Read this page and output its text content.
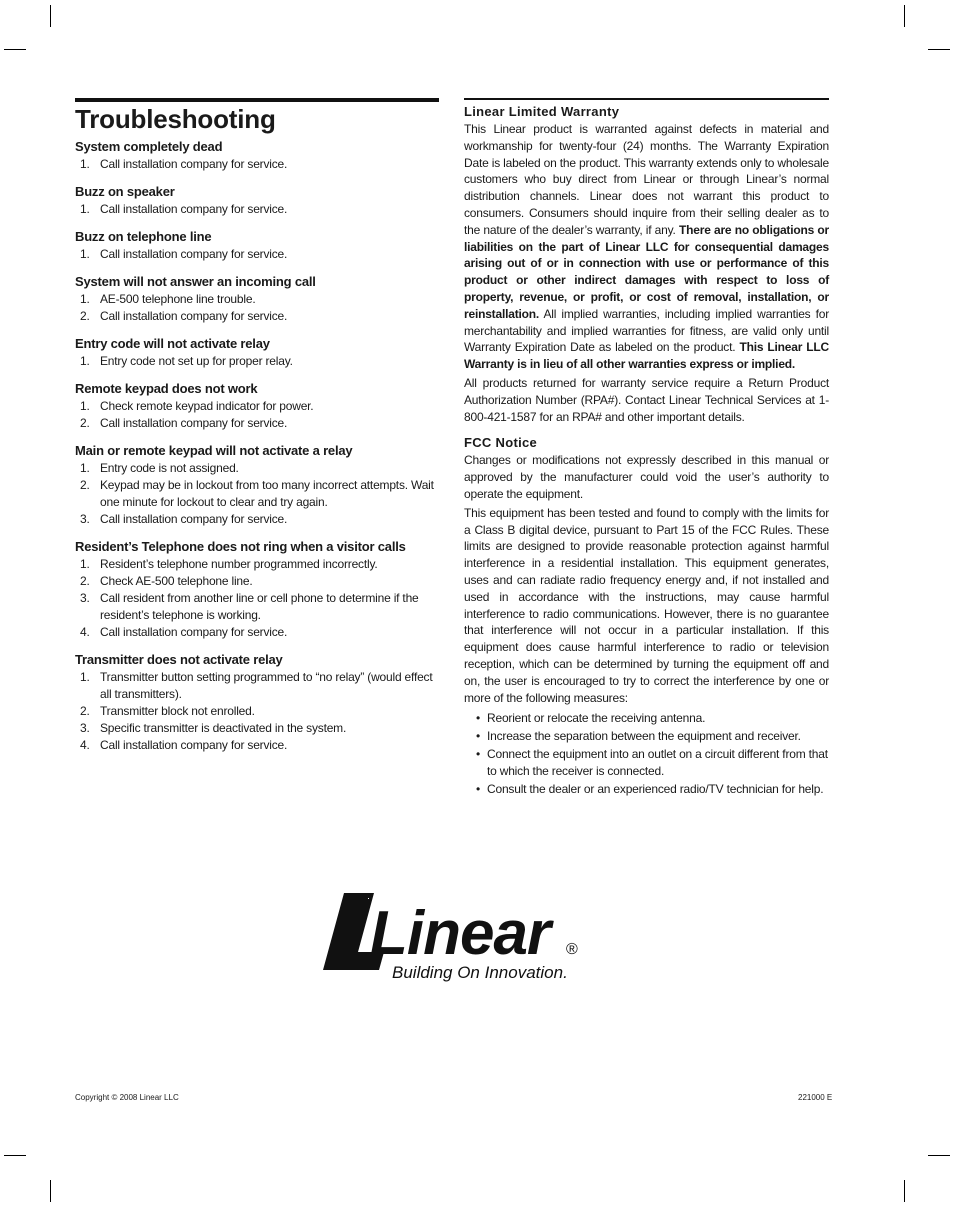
Troubleshooting
System completely dead
1. Call installation company for service.
Buzz on speaker
1. Call installation company for service.
Buzz on telephone line
1. Call installation company for service.
System will not answer an incoming call
1. AE-500 telephone line trouble.
2. Call installation company for service.
Entry code will not activate relay
1. Entry code not set up for proper relay.
Remote keypad does not work
1. Check remote keypad indicator for power.
2. Call installation company for service.
Main or remote keypad will not activate a relay
1. Entry code is not assigned.
2. Keypad may be in lockout from too many incorrect attempts. Wait one minute for lockout to clear and try again.
3. Call installation company for service.
Resident’s Telephone does not ring when a visitor calls
1. Resident’s telephone number programmed incorrectly.
2. Check AE-500 telephone line.
3. Call resident from another line or cell phone to determine if the resident’s telephone is working.
4. Call installation company for service.
Transmitter does not activate relay
1. Transmitter button setting programmed to “no relay” (would effect all transmitters).
2. Transmitter block not enrolled.
3. Specific transmitter is deactivated in the system.
4. Call installation company for service.
Linear Limited Warranty

This Linear product is warranted against defects in material and workmanship for twenty-four (24) months. The Warranty Expiration Date is labeled on the product. This warranty extends only to wholesale customers who buy direct from Linear or through Linear’s normal distribution channels. Linear does not warrant this product to consumers. Consumers should inquire from their selling dealer as to the nature of the dealer’s warranty, if any. There are no obligations or liabilities on the part of Linear LLC for consequential damages arising out of or in connection with use or performance of this product or other indirect damages with respect to loss of property, revenue, or profit, or cost of removal, installation, or reinstallation. All implied warranties, including implied warranties for merchantability and implied warranties for fitness, are valid only until Warranty Expiration Date as labeled on the product. This Linear LLC Warranty is in lieu of all other warranties express or implied.

All products returned for warranty service require a Return Product Authorization Number (RPA#). Contact Linear Technical Services at 1-800-421-1587 for an RPA# and other important details.

FCC Notice

Changes or modifications not expressly described in this manual or approved by the manufacturer could void the user’s authority to operate the equipment.

This equipment has been tested and found to comply with the limits for a Class B digital device, pursuant to Part 15 of the FCC Rules. These limits are designed to provide reasonable protection against harmful interference in a residential installation. This equipment generates, uses and can radiate radio frequency energy and, if not installed and used in accordance with the instructions, may cause harmful interference to radio communications. However, there is no guarantee that interference will not occur in a particular installation. If this equipment does cause harmful interference to radio or television reception, which can be determined by turning the equipment off and on, the user is encouraged to try to correct the interference by one or more of the following measures:

• Reorient or relocate the receiving antenna.
• Increase the separation between the equipment and receiver.
• Connect the equipment into an outlet on a circuit different from that to which the receiver is connected.
• Consult the dealer or an experienced radio/TV technician for help.
Linear ®
Building On Innovation.
Copyright © 2008 Linear LLC	221000 E
